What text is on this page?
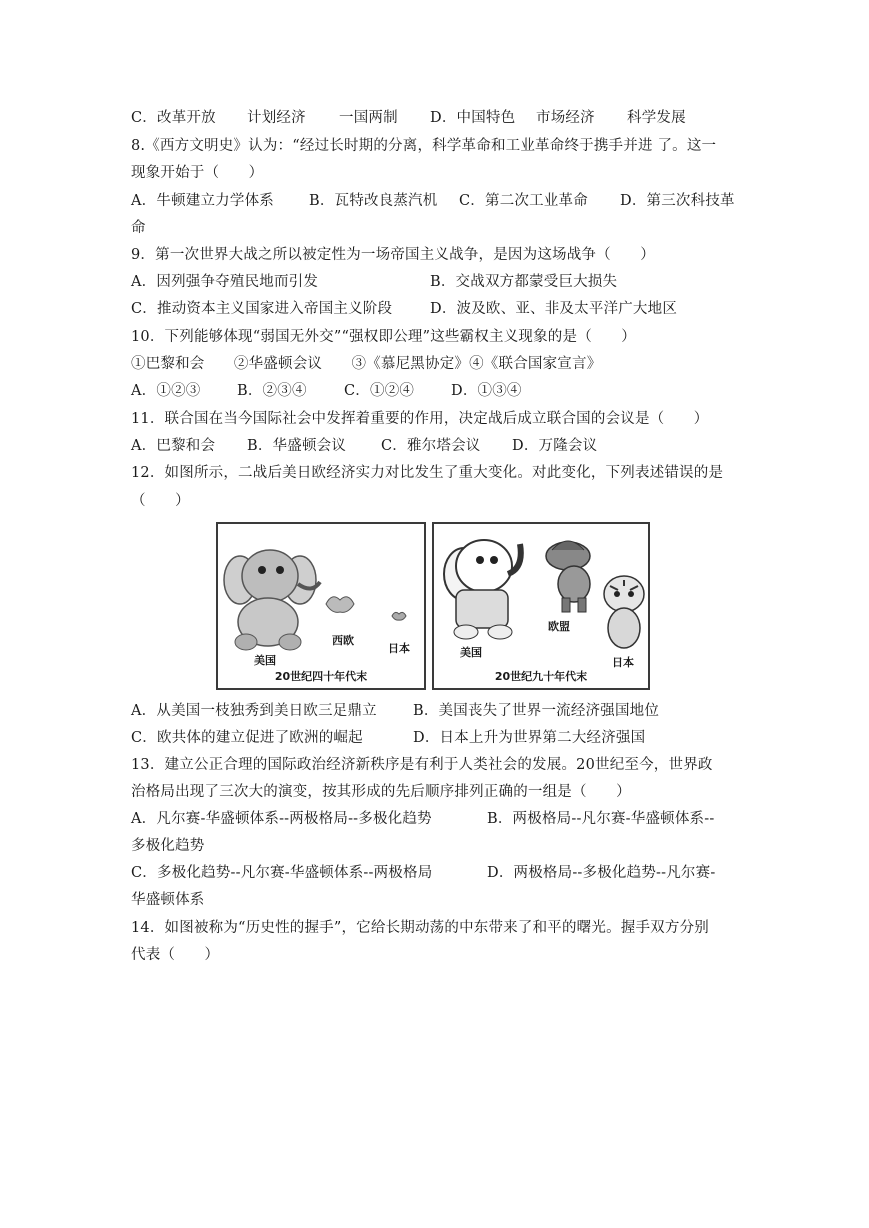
C．改革开放 计划经济 一国两制 D．中国特色 市场经济 科学发展
8.《西方文明史》认为：“经过长时期的分离，科学革命和工业革命终于携手并进 了。这一
现象开始于（　　）
A．牛顿建立力学体系 B．瓦特改良蒸汽机 C．第二次工业革命 D．第三次科技革
命
9．第一次世界大战之所以被定性为一场帝国主义战争，是因为这场战争（　　）
A．因列强争夺殖民地而引发	B．交战双方都蒙受巨大损失
C．推动资本主义国家进入帝国主义阶段	D．波及欧、亚、非及太平洋广大地区
10．下列能够体现“弱国无外交”“强权即公理”这些霸权主义现象的是（　　）
①巴黎和会　　②华盛顿会议　　③《慕尼黑协定》④《联合国家宣言》
A．①②③	B．②③④	C．①②④	D．①③④
11．联合国在当今国际社会中发挥着重要的作用，决定战后成立联合国的会议是（　　）
A．巴黎和会 B．华盛顿会议 C．雅尔塔会议 D．万隆会议
12．如图所示，二战后美日欧经济实力对比发生了重大变化。对此变化，下列表述错误的是
（　　）
美国
西欧
日本
20世纪四十年代末
美国
欧盟
日本
20世纪九十年代末
A．从美国一枝独秀到美日欧三足鼎立 B．美国丧失了世界一流经济强国地位
C．欧共体的建立促进了欧洲的崛起	D．日本上升为世界第二大经济强国
13．建立公正合理的国际政治经济新秩序是有利于人类社会的发展。20世纪至今，世界政
治格局出现了三次大的演变，按其形成的先后顺序排列正确的一组是（　　）
A．凡尔赛-华盛顿体系--两极格局--多极化趋势	B．两极格局--凡尔赛-华盛顿体系--
多极化趋势
C．多极化趋势--凡尔赛-华盛顿体系--两极格局	D．两极格局--多极化趋势--凡尔赛-
华盛顿体系
14．如图被称为“历史性的握手”，它给长期动荡的中东带来了和平的曙光。握手双方分别
代表（　　）
